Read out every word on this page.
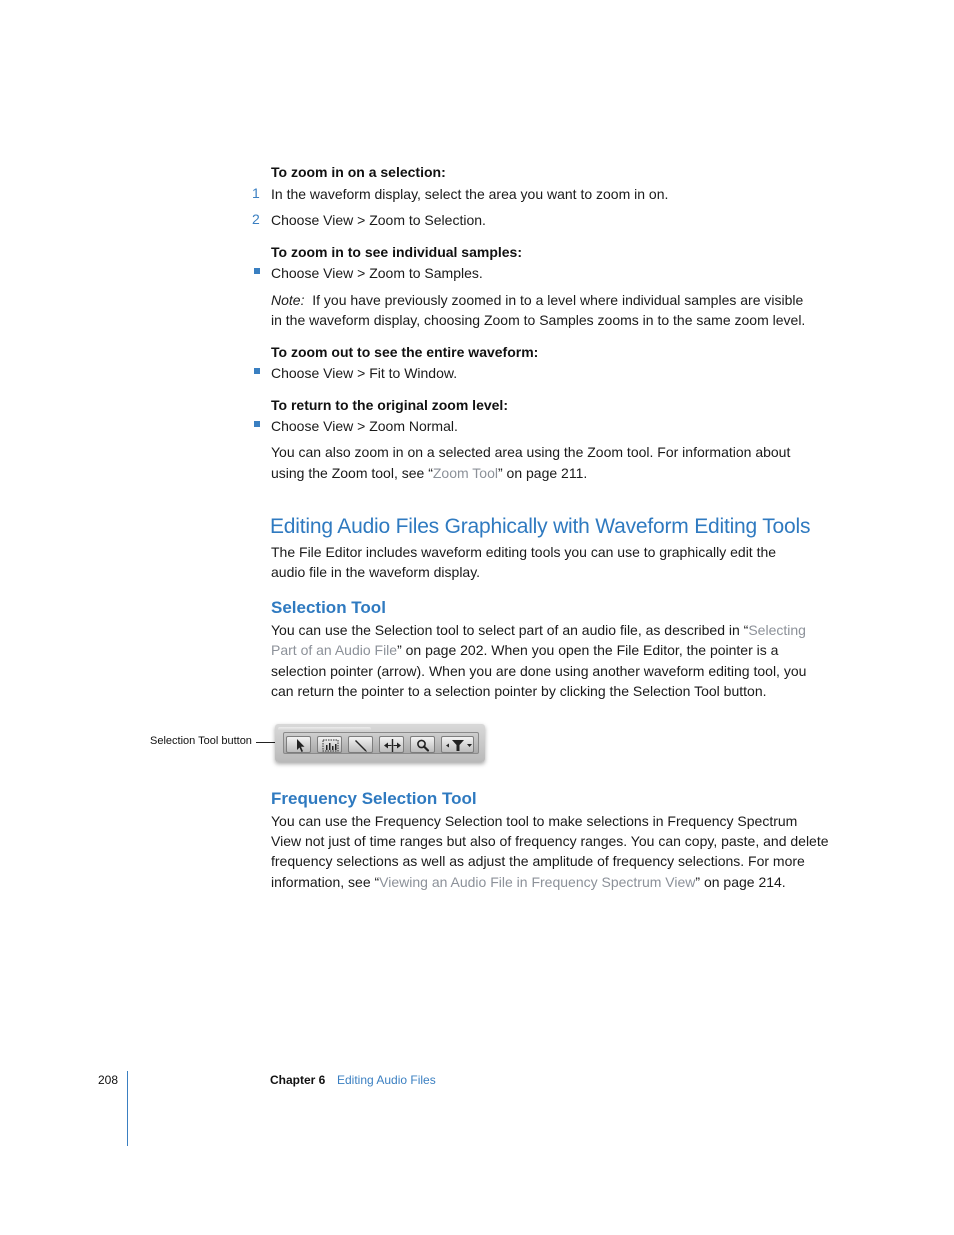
To zoom in on a selection:
1 In the waveform display, select the area you want to zoom in on.
2 Choose View > Zoom to Selection.
To zoom in to see individual samples:
Choose View > Zoom to Samples.
Note: If you have previously zoomed in to a level where individual samples are visible
in the waveform display, choosing Zoom to Samples zooms in to the same zoom level.
To zoom out to see the entire waveform:
Choose View > Fit to Window.
To return to the original zoom level:
Choose View > Zoom Normal.
You can also zoom in on a selected area using the Zoom tool. For information about
using the Zoom tool, see “Zoom Tool” on page 211.
Editing Audio Files Graphically with Waveform Editing Tools
The File Editor includes waveform editing tools you can use to graphically edit the
audio file in the waveform display.
Selection Tool
You can use the Selection tool to select part of an audio file, as described in “Selecting
Part of an Audio File” on page 202. When you open the File Editor, the pointer is a
selection pointer (arrow). When you are done using another waveform editing tool, you
can return the pointer to a selection pointer by clicking the Selection Tool button.
Selection Tool button
Frequency Selection Tool
You can use the Frequency Selection tool to make selections in Frequency Spectrum
View not just of time ranges but also of frequency ranges. You can copy, paste, and delete
frequency selections as well as adjust the amplitude of frequency selections. For more
information, see “Viewing an Audio File in Frequency Spectrum View” on page 214.
208	Chapter 6 Editing Audio Files
